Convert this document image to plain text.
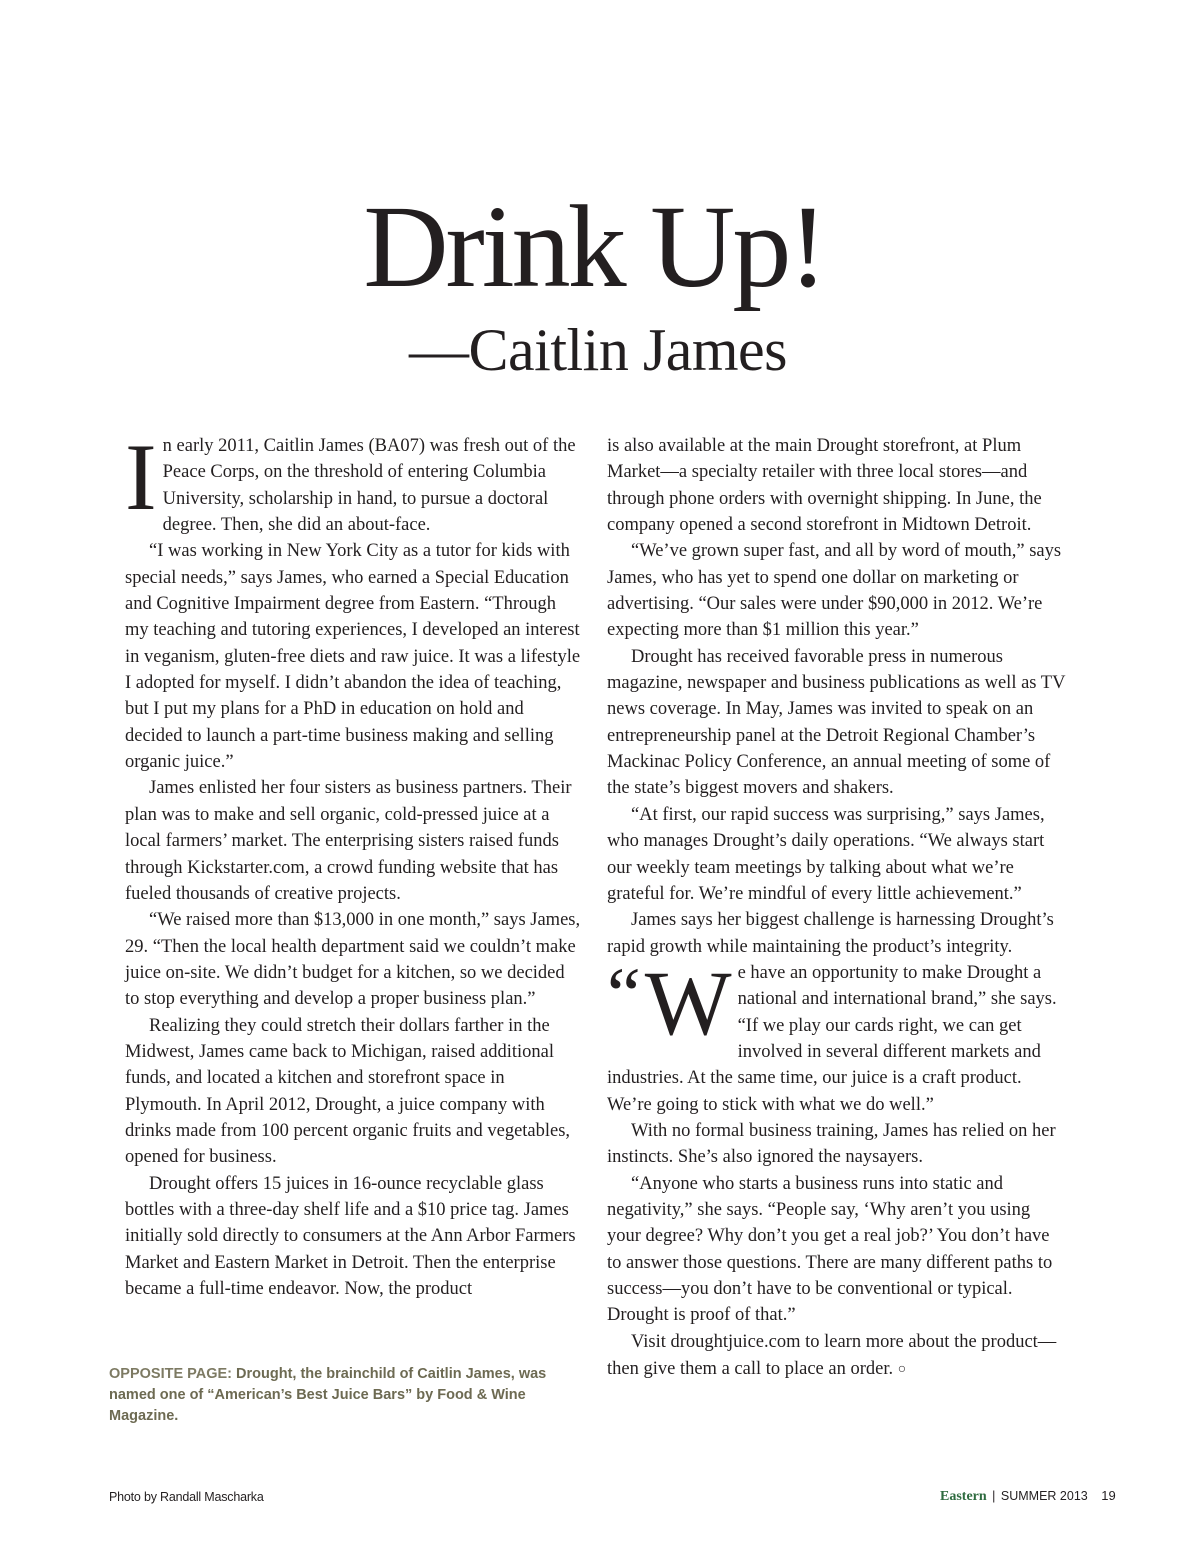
Drink Up!
—Caitlin James

In early 2011, Caitlin James (BA07) was fresh out of the Peace Corps, on the threshold of entering Columbia University, scholarship in hand, to pursue a doctoral degree. Then, she did an about-face.

“I was working in New York City as a tutor for kids with special needs,” says James, who earned a Special Education and Cognitive Impairment degree from Eastern. “Through my teaching and tutoring experiences, I developed an interest in veganism, gluten-free diets and raw juice. It was a lifestyle I adopted for myself. I didn’t abandon the idea of teaching, but I put my plans for a PhD in education on hold and decided to launch a part-time business making and selling organic juice.”

James enlisted her four sisters as business partners. Their plan was to make and sell organic, cold-pressed juice at a local farmers’ market. The enterprising sisters raised funds through Kickstarter.com, a crowd funding website that has fueled thousands of creative projects.

“We raised more than $13,000 in one month,” says James, 29. “Then the local health department said we couldn’t make juice on-site. We didn’t budget for a kitchen, so we decided to stop everything and develop a proper business plan.”

Realizing they could stretch their dollars farther in the Midwest, James came back to Michigan, raised additional funds, and located a kitchen and storefront space in Plymouth. In April 2012, Drought, a juice company with drinks made from 100 percent organic fruits and vegetables, opened for business.

Drought offers 15 juices in 16-ounce recyclable glass bottles with a three-day shelf life and a $10 price tag. James initially sold directly to consumers at the Ann Arbor Farmers Market and Eastern Market in Detroit. Then the enterprise became a full-time endeavor. Now, the product

is also available at the main Drought storefront, at Plum Market—a specialty retailer with three local stores—and through phone orders with overnight shipping. In June, the company opened a second storefront in Midtown Detroit.

“We’ve grown super fast, and all by word of mouth,” says James, who has yet to spend one dollar on marketing or advertising. “Our sales were under $90,000 in 2012. We’re expecting more than $1 million this year.”

Drought has received favorable press in numerous magazine, newspaper and business publications as well as TV news coverage. In May, James was invited to speak on an entrepreneurship panel at the Detroit Regional Chamber’s Mackinac Policy Conference, an annual meeting of some of the state’s biggest movers and shakers.

“At first, our rapid success was surprising,” says James, who manages Drought’s daily operations. “We always start our weekly team meetings by talking about what we’re grateful for. We’re mindful of every little achievement.”

James says her biggest challenge is harnessing Drought’s rapid growth while maintaining the product’s integrity.

“ W e have an opportunity to make Drought a national and international brand,” she says. “If we play our cards right, we can get involved in several different markets and industries. At the same time, our juice is a craft product. We’re going to stick with what we do well.”

With no formal business training, James has relied on her instincts. She’s also ignored the naysayers.

“Anyone who starts a business runs into static and negativity,” she says. “People say, ‘Why aren’t you using your degree? Why don’t you get a real job?’ You don’t have to answer those questions. There are many different paths to success—you don’t have to be conventional or typical. Drought is proof of that.”

Visit droughtjuice.com to learn more about the product—then give them a call to place an order. ○

OPPOSITE PAGE: Drought, the brainchild of Caitlin James, was named one of “American’s Best Juice Bars” by Food & Wine Magazine.
Photo by Randall Mascharka	Eastern | SUMMER 2013 19
